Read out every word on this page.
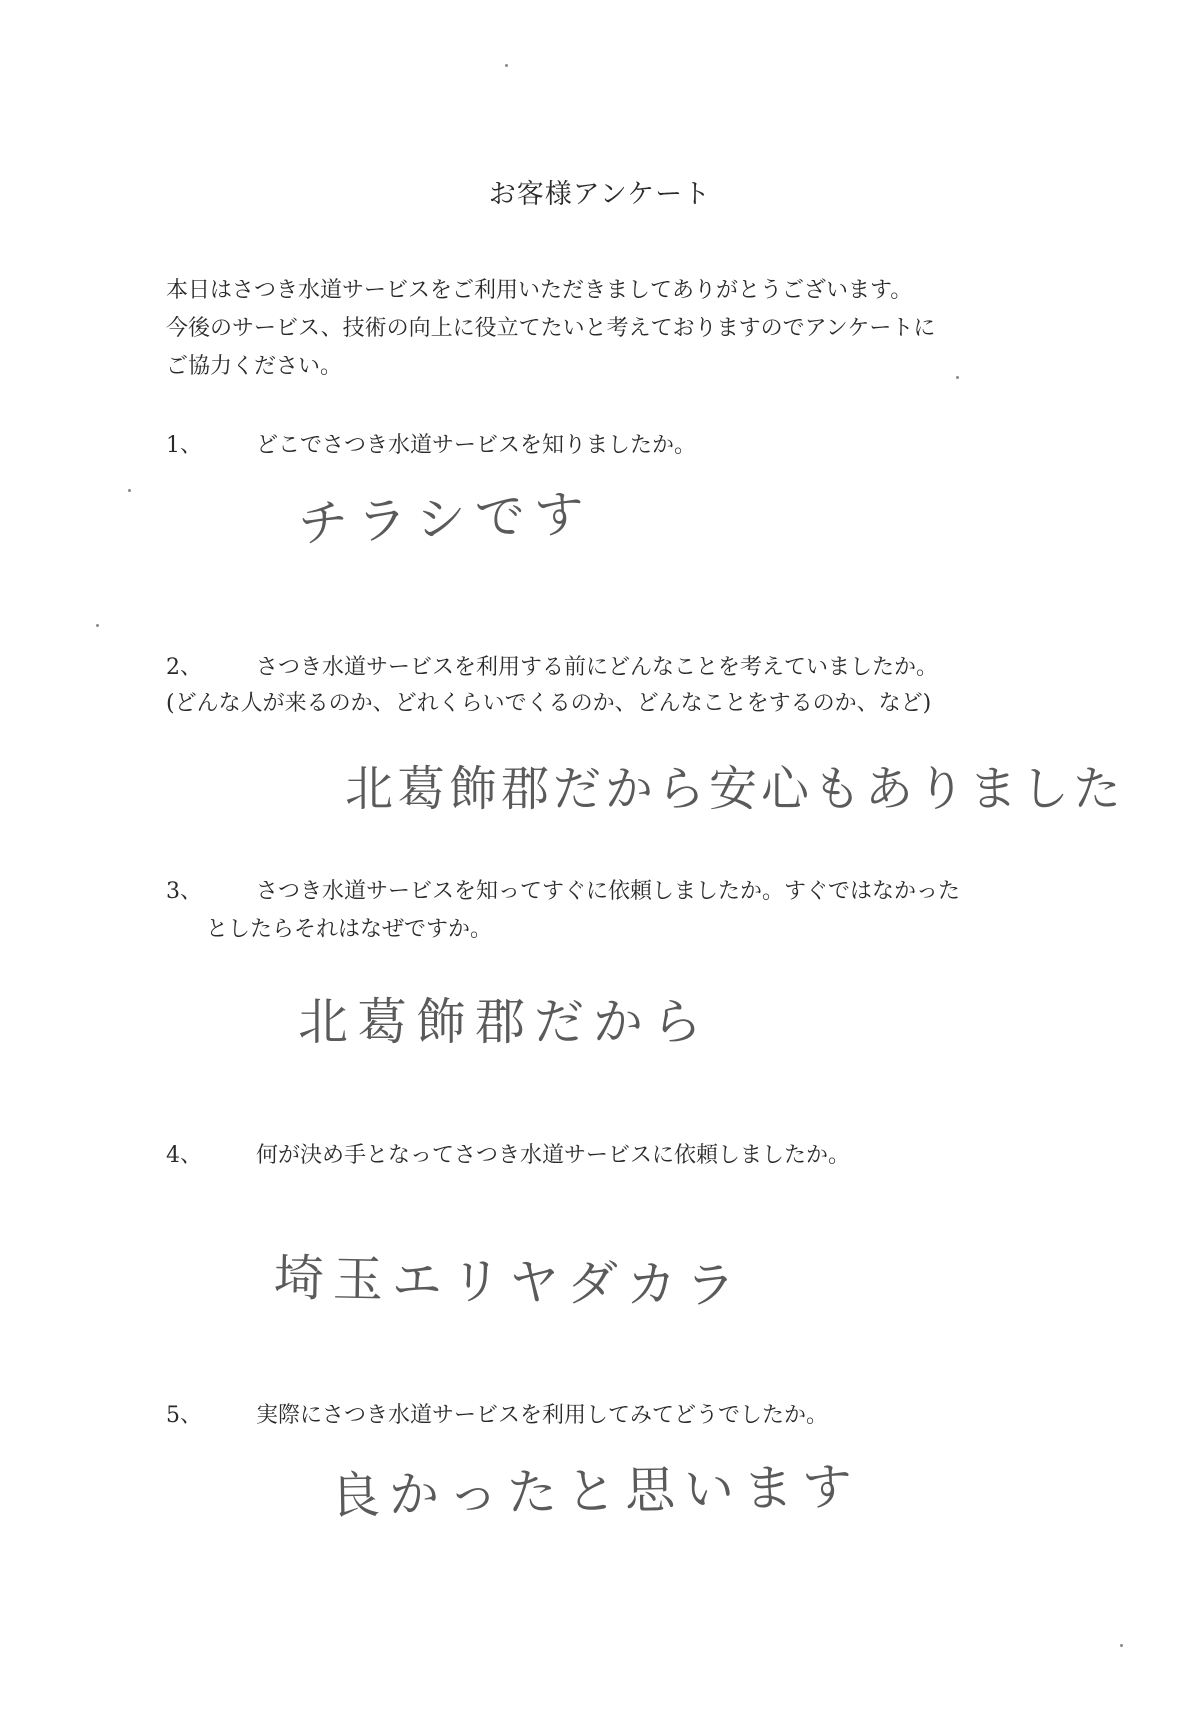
お客様アンケート
本日はさつき水道サービスをご利用いただきましてありがとうございます。
今後のサービス、技術の向上に役立てたいと考えておりますのでアンケートに
ご協力ください。
1、 どこでさつき水道サービスを知りましたか。
チラシです
2、 さつき水道サービスを利用する前にどんなことを考えていましたか。
(どんな人が来るのか、どれくらいでくるのか、どんなことをするのか、など)
北葛飾郡だから安心もありました
3、 さつき水道サービスを知ってすぐに依頼しましたか。すぐではなかった
としたらそれはなぜですか。
北葛飾郡だから
4、 何が決め手となってさつき水道サービスに依頼しましたか。
埼玉エリヤダカラ
5、 実際にさつき水道サービスを利用してみてどうでしたか。
良かったと思います
